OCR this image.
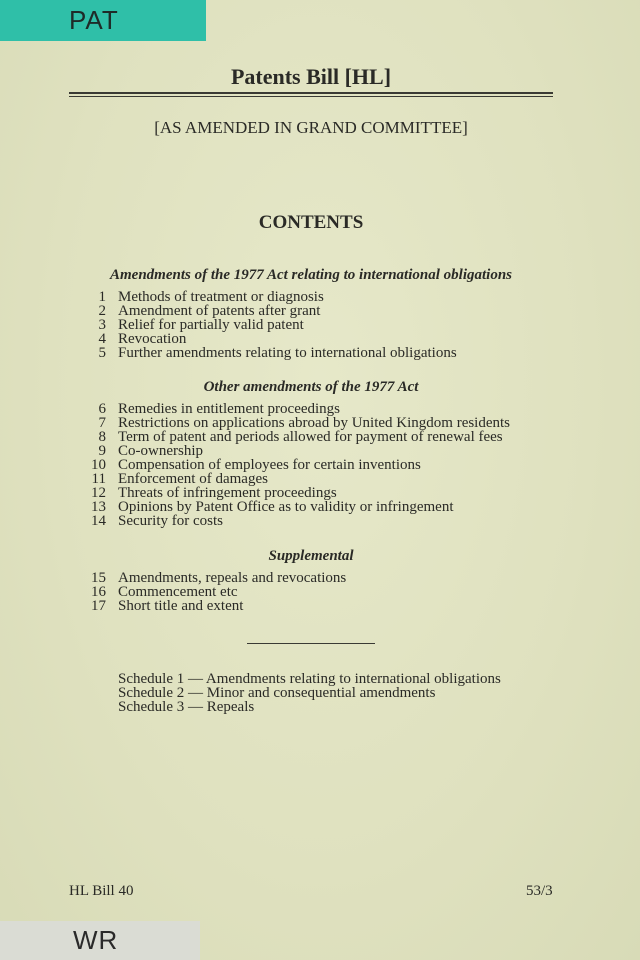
PAT
Patents Bill [HL]

[AS AMENDED IN GRAND COMMITTEE]

CONTENTS
Amendments of the 1977 Act relating to international obligations
1 Methods of treatment or diagnosis
2 Amendment of patents after grant
3 Relief for partially valid patent
4 Revocation
5 Further amendments relating to international obligations
Other amendments of the 1977 Act
6 Remedies in entitlement proceedings
7 Restrictions on applications abroad by United Kingdom residents
8 Term of patent and periods allowed for payment of renewal fees
9 Co-ownership
10 Compensation of employees for certain inventions
11 Enforcement of damages
12 Threats of infringement proceedings
13 Opinions by Patent Office as to validity or infringement
14 Security for costs
Supplemental
15 Amendments, repeals and revocations
16 Commencement etc
17 Short title and extent
Schedule 1 — Amendments relating to international obligations
Schedule 2 — Minor and consequential amendments
Schedule 3 — Repeals
HL Bill 40	53/3
WR
